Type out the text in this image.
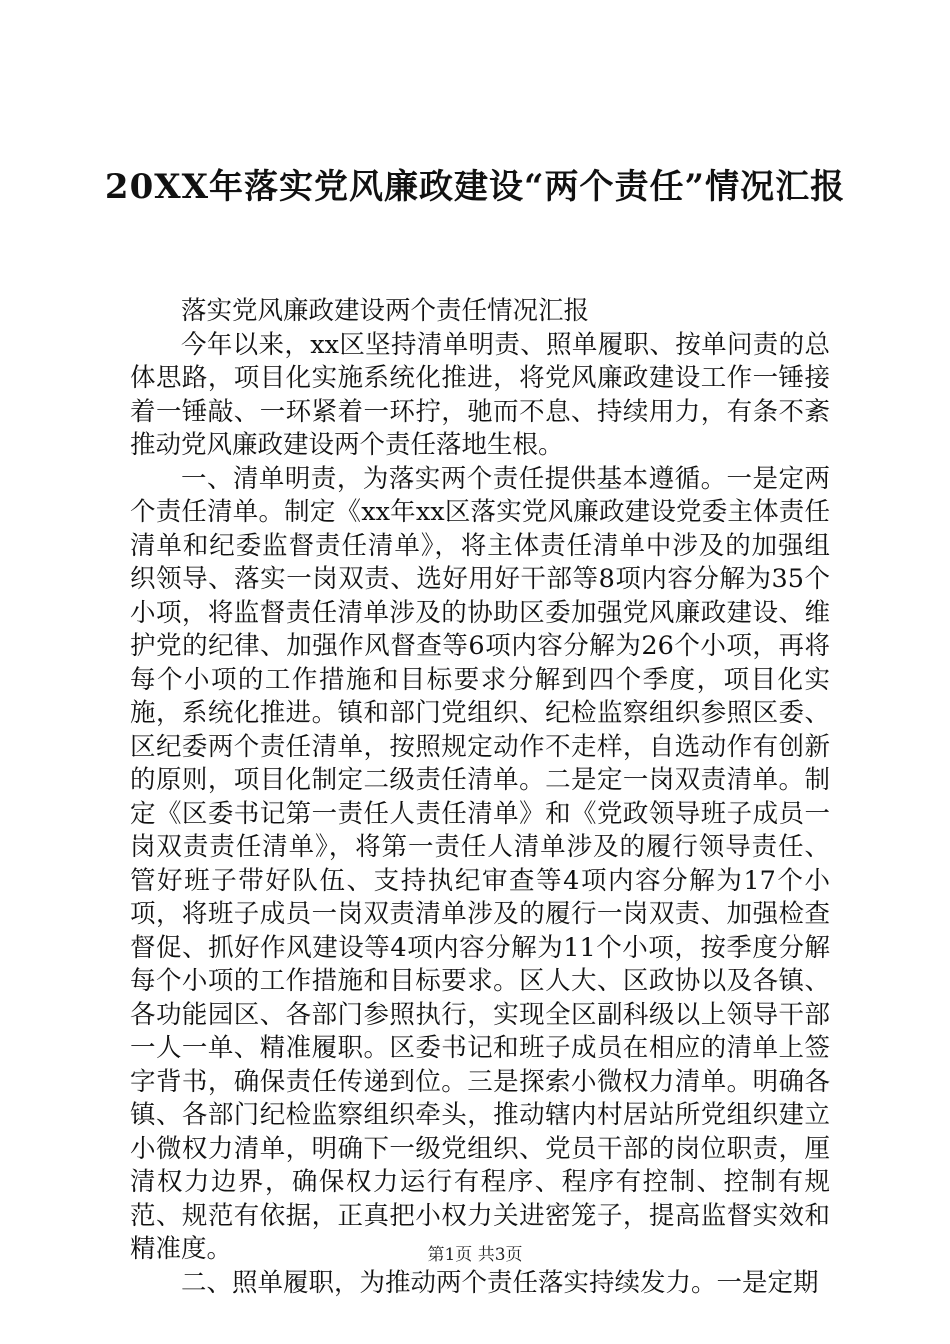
20XX年落实党风廉政建设“两个责任”情况汇报

落实党风廉政建设两个责任情况汇报

今年以来，xx区坚持清单明责、照单履职、按单问责的总体思路，项目化实施系统化推进，将党风廉政建设工作一锤接着一锤敲、一环紧着一环拧，驰而不息、持续用力，有条不紊推动党风廉政建设两个责任落地生根。

一、清单明责，为落实两个责任提供基本遵循。一是定两个责任清单。制定《xx年xx区落实党风廉政建设党委主体责任清单和纪委监督责任清单》，将主体责任清单中涉及的加强组织领导、落实一岗双责、选好用好干部等8项内容分解为35个小项，将监督责任清单涉及的协助区委加强党风廉政建设、维护党的纪律、加强作风督查等6项内容分解为26个小项，再将每个小项的工作措施和目标要求分解到四个季度，项目化实施，系统化推进。镇和部门党组织、纪检监察组织参照区委、区纪委两个责任清单，按照规定动作不走样，自选动作有创新的原则，项目化制定二级责任清单。二是定一岗双责清单。制定《区委书记第一责任人责任清单》和《党政领导班子成员一岗双责责任清单》，将第一责任人清单涉及的履行领导责任、管好班子带好队伍、支持执纪审查等4项内容分解为17个小项，将班子成员一岗双责清单涉及的履行一岗双责、加强检查督促、抓好作风建设等4项内容分解为11个小项，按季度分解每个小项的工作措施和目标要求。区人大、区政协以及各镇、各功能园区、各部门参照执行，实现全区副科级以上领导干部一人一单、精准履职。区委书记和班子成员在相应的清单上签字背书，确保责任传递到位。三是探索小微权力清单。明确各镇、各部门纪检监察组织牵头，推动辖内村居站所党组织建立小微权力清单，明确下一级党组织、党员干部的岗位职责，厘清权力边界，确保权力运行有程序、程序有控制、控制有规范、规范有依据，正真把小权力关进密笼子，提高监督实效和精准度。

二、照单履职，为推动两个责任落实持续发力。一是定期

第1页 共3页
